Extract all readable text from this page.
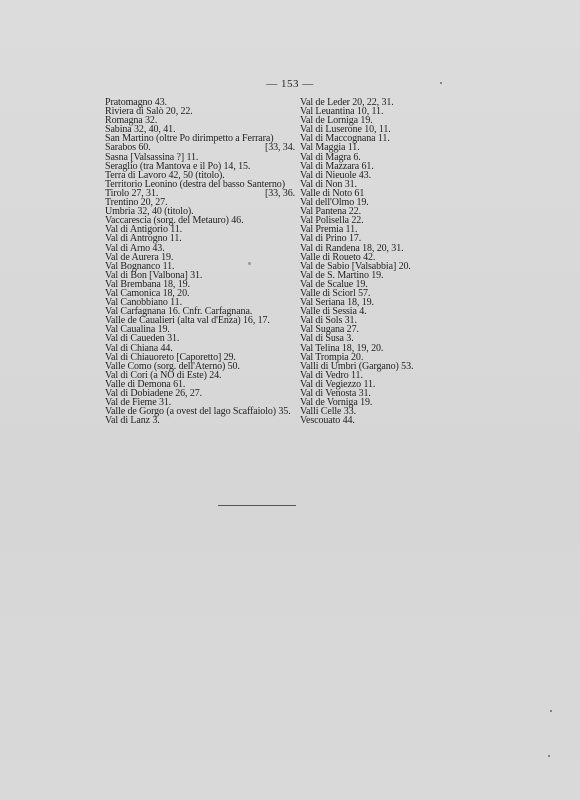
— 153 —
Pratomagno 43.
Riviera di Salò 20, 22.
Romagna 32.
Sabina 32, 40, 41.
San Martino (oltre Po dirimpetto a Ferrara)
Sarabos 60.	[33, 34.
Sasna [Valsassina ?] 11.
Seraglio (tra Mantova e il Po) 14, 15.
Terra di Lavoro 42, 50 (titolo).
Territorio Leonino (destra del basso Santerno)
Tirolo 27, 31.	[33, 36.
Trentino 20, 27.
Umbria 32, 40 (titolo).
Vaccarescia (sorg. del Metauro) 46.
Val di Antigorio 11.
Val di Antrogno 11.
Val di Arno 43.
Val de Aurera 19.
Val Bognanco 11.
Val di Bon [Valbona] 31.
Val Brembana 18, 19.
Val Camonica 18, 20.
Val Canobbiano 11.
Val Carfagnana 16. Cnfr. Carfagnana.
Valle de Caualieri (alta val d'Enza) 16, 17.
Val Caualina 19.
Val di Caueden 31.
Val di Chiana 44.
Val di Chiauoreto [Caporetto] 29.
Valle Como (sorg. dell'Aterno) 50.
Val di Cori (a NO di Este) 24.
Valle di Demona 61.
Val di Dobiadene 26, 27.
Val de Fieme 31.
Valle de Gorgo (a ovest del lago Scaffaiolo) 35.
Val di Lanz 3.
Val de Leder 20, 22, 31.
Val Leuantina 10, 11.
Val de Lorniga 19.
Val di Luserone 10, 11.
Val di Maccognana 11.
Val Maggia 11.
Val di Magra 6.
Val di Mazzara 61.
Val di Nieuole 43.
Val di Non 31.
Valle di Noto 61
Val dell'Olmo 19.
Val Pantena 22.
Val Polisella 22.
Val Premia 11.
Val di Prino 17.
Val di Randena 18, 20, 31.
Valle di Roueto 42.
Val de Sabio [Valsabbia] 20.
Val de S. Martino 19.
Val de Scalue 19.
Valle di Sciorl 57.
Val Seriana 18, 19.
Valle di Sessia 4.
Val di Sols 31.
Val Sugana 27.
Val di Susa 3.
Val Telina 18, 19, 20.
Val Trompia 20.
Valli di Umbri (Gargano) 53.
Val di Vedro 11.
Val di Vegiezzo 11.
Val di Venosta 31.
Val de Vorniga 19.
Valli Celle 33.
Vescouato 44.
